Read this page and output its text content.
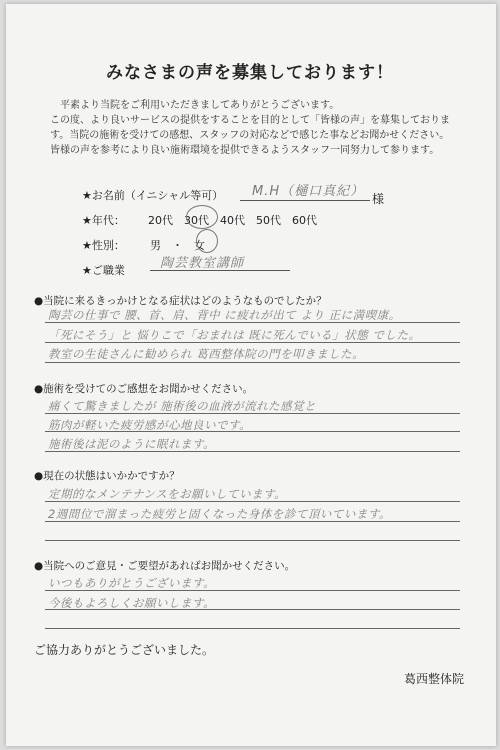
みなさまの声を募集しております！
平素より当院をご利用いただきましてありがとうございます。
この度、より良いサービスの提供をすることを目的として「皆様の声」を募集しておりま
す。当院の施術を受けての感想、スタッフの対応などで感じた事などお聞かせください。
皆様の声を参考により良い施術環境を提供できるようスタッフ一同努力して参ります。
★お名前（イニシャル等可） M.H（樋口真紀） 様
★年代： 20代　30代　40代　50代　60代
★性別： 男　・　女
★ご職業	陶芸教室講師
●当院に来るきっかけとなる症状はどのようなものでしたか？
陶芸の仕事で 腰、首、肩、背中 に疲れが出て より 正に満喫康。
「死にそう」と 悩りこで「おまれは 既に死んでいる」状態 でした。
教室の生徒さんに勧められ 葛西整体院の門を叩きました。
●施術を受けてのご感想をお聞かせください。
痛くて驚きましたが 施術後の血液が流れた感覚と
筋肉が軽いた疲労感が心地良いです。
施術後は泥のように眠れます。
●現在の状態はいかかですか？
定期的なメンテナンスをお願いしています。
2週間位で溜まった疲労と固くなった身体を診て頂いています。
●当院へのご意見・ご要望があればお聞かせください。
いつもありがとうございます。
今後もよろしくお願いします。
ご協力ありがとうございました。
葛西整体院
